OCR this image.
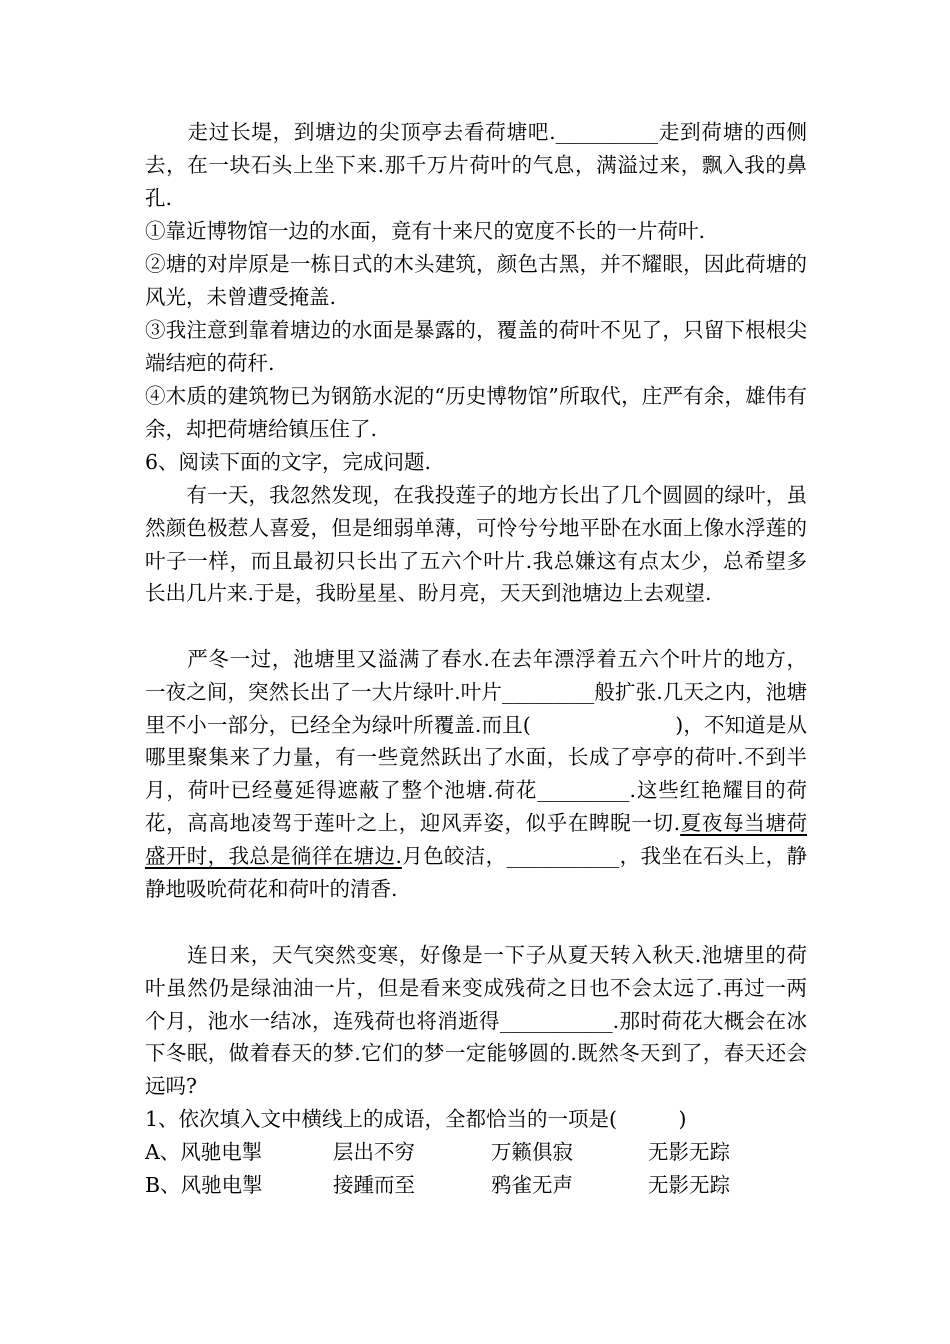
　　走过长堤，到塘边的尖顶亭去看荷塘吧.__________走到荷塘的西侧去，在一块石头上坐下来.那千万片荷叶的气息，满溢过来，飘入我的鼻孔.

①靠近博物馆一边的水面，竟有十来尺的宽度不长的一片荷叶.

②塘的对岸原是一栋日式的木头建筑，颜色古黑，并不耀眼，因此荷塘的风光，未曾遭受掩盖.

③我注意到靠着塘边的水面是暴露的，覆盖的荷叶不见了，只留下根根尖端结疤的荷秆.

④木质的建筑物已为钢筋水泥的“历史博物馆”所取代，庄严有余，雄伟有余，却把荷塘给镇压住了.

6、阅读下面的文字，完成问题.

　　有一天，我忽然发现，在我投莲子的地方长出了几个圆圆的绿叶，虽然颜色极惹人喜爱，但是细弱单薄，可怜兮兮地平卧在水面上像水浮莲的叶子一样，而且最初只长出了五六个叶片.我总嫌这有点太少，总希望多长出几片来.于是，我盼星星、盼月亮，天天到池塘边上去观望.

　　严冬一过，池塘里又溢满了春水.在去年漂浮着五六个叶片的地方，一夜之间，突然长出了一大片绿叶.叶片_________般扩张.几天之内，池塘里不小一部分，已经全为绿叶所覆盖.而且(　　　　　　　)，不知道是从哪里聚集来了力量，有一些竟然跃出了水面，长成了亭亭的荷叶.不到半月，荷叶已经蔓延得遮蔽了整个池塘.荷花_________.这些红艳耀目的荷花，高高地凌驾于莲叶之上，迎风弄姿，似乎在睥睨一切.夏夜每当塘荷盛开时，我总是徜徉在塘边.月色皎洁，___________，我坐在石头上，静静地吸吮荷花和荷叶的清香.

　　连日来，天气突然变寒，好像是一下子从夏天转入秋天.池塘里的荷叶虽然仍是绿油油一片，但是看来变成残荷之日也不会太远了.再过一两个月，池水一结冰，连残荷也将消逝得___________.那时荷花大概会在冰下冬眠，做着春天的梦.它们的梦一定能够圆的.既然冬天到了，春天还会远吗?

1、依次填入文中横线上的成语，全都恰当的一项是(　　　)

A、风驰电掣	层出不穷	万籁俱寂	无影无踪
B、风驰电掣	接踵而至	鸦雀无声	无影无踪
